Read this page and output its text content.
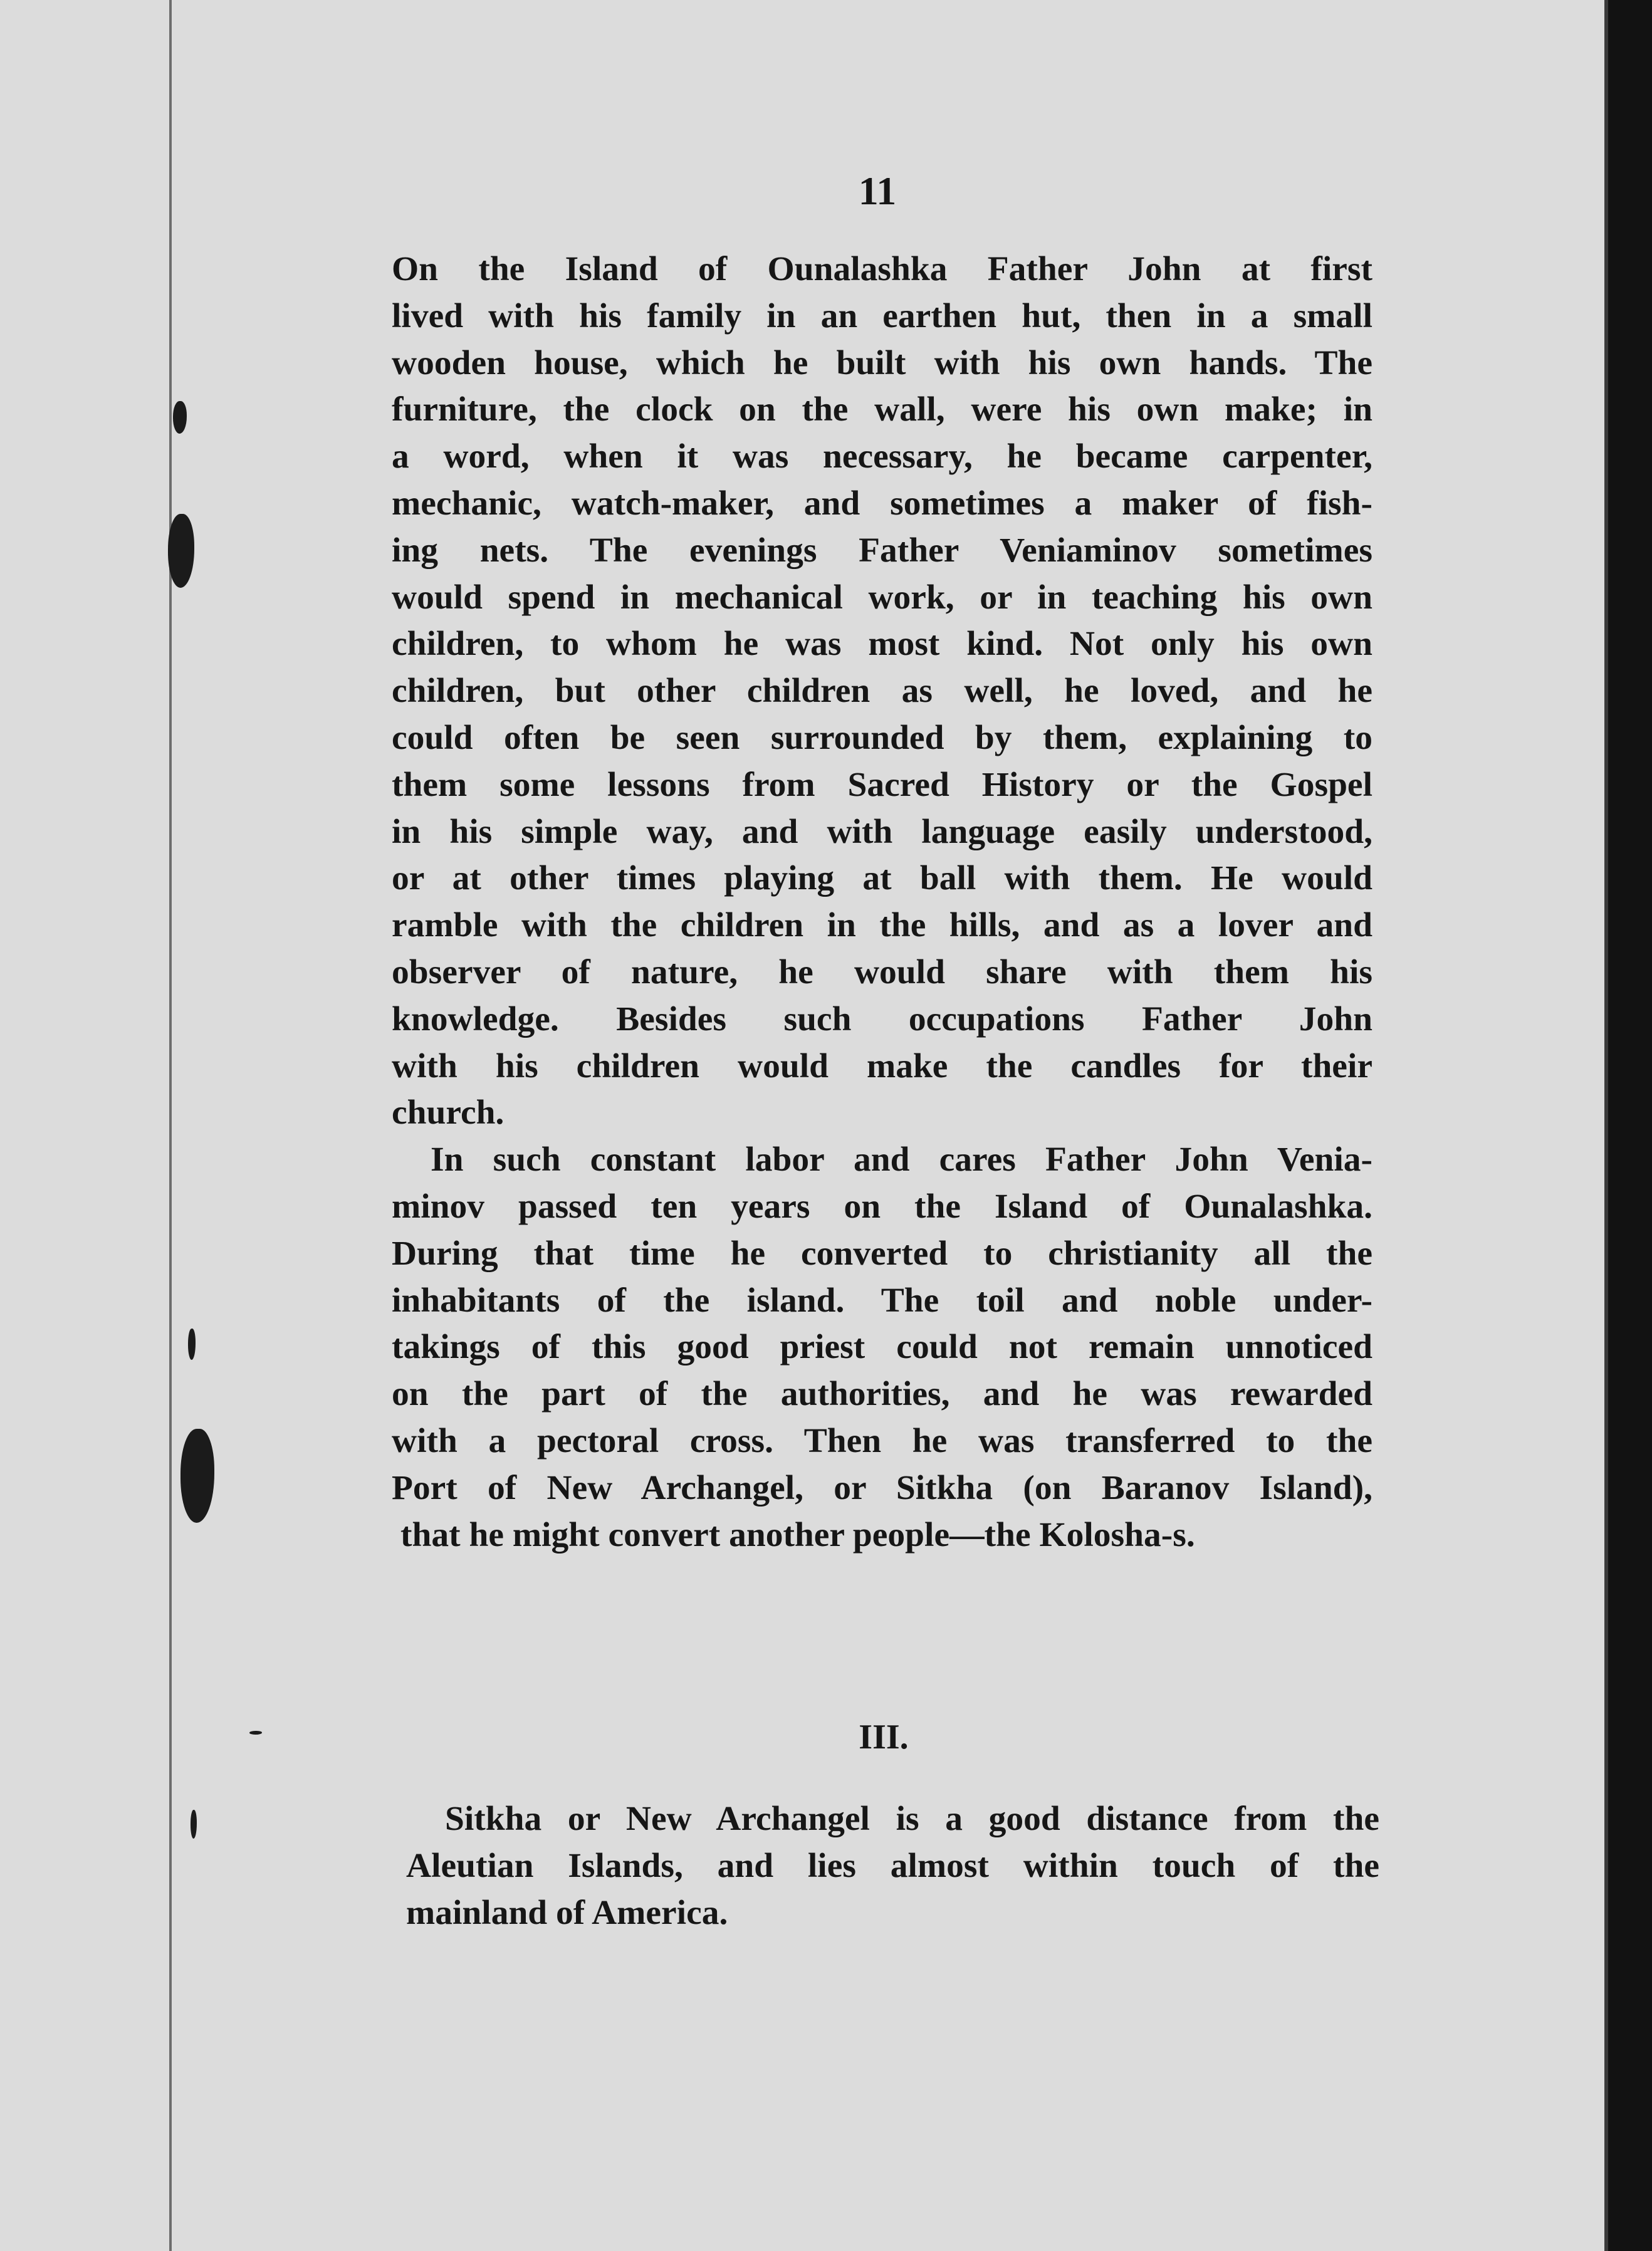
11

On the Island of Ounalashka Father John at first
lived with his family in an earthen hut, then in a small
wooden house, which he built with his own hands. The
furniture, the clock on the wall, were his own make; in
a word, when it was necessary, he became carpenter,
mechanic, watch-maker, and sometimes a maker of fish-
ing nets. The evenings Father Veniaminov sometimes
would spend in mechanical work, or in teaching his own
children, to whom he was most kind. Not only his own
children, but other children as well, he loved, and he
could often be seen surrounded by them, explaining to
them some lessons from Sacred History or the Gospel
in his simple way, and with language easily understood,
or at other times playing at ball with them. He would
ramble with the children in the hills, and as a lover and
observer of nature, he would share with them his
knowledge. Besides such occupations Father John
with his children would make the candles for their
church.

In such constant labor and cares Father John Venia-
minov passed ten years on the Island of Ounalashka.
During that time he converted to christianity all the
inhabitants of the island. The toil and noble under-
takings of this good priest could not remain unnoticed
on the part of the authorities, and he was rewarded
with a pectoral cross. Then he was transferred to the
Port of New Archangel, or Sitkha (on Baranov Island),
that he might convert another people—the Kolosha-s.

III.

Sitkha or New Archangel is a good distance from the
Aleutian Islands, and lies almost within touch of the
mainland of America.
